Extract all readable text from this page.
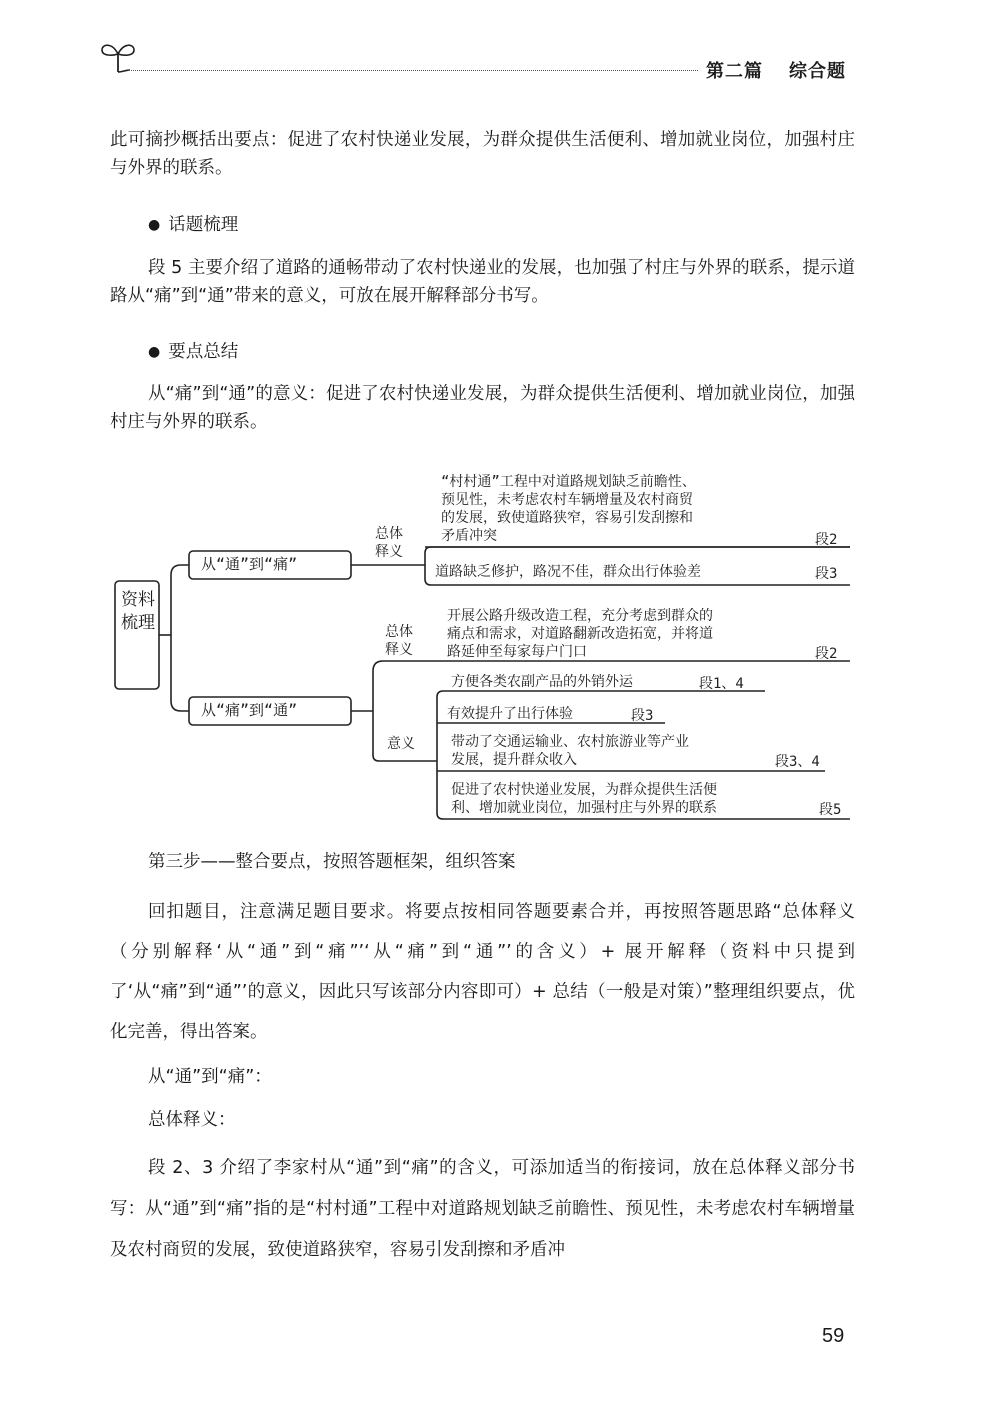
第二篇 综合题
此可摘抄概括出要点：促进了农村快递业发展，为群众提供生活便利、增加就业岗位，加强村庄与外界的联系。
● 话题梳理
段 5 主要介绍了道路的通畅带动了农村快递业的发展，也加强了村庄与外界的联系，提示道路从“痛”到“通”带来的意义，可放在展开解释部分书写。
● 要点总结
从“痛”到“通”的意义：促进了农村快递业发展，为群众提供生活便利、增加就业岗位，加强村庄与外界的联系。
资料梳理
从“通”到“痛”
总体
释义
“村村通”工程中对道路规划缺乏前瞻性、
预见性，未考虑农村车辆增量及农村商贸
的发展，致使道路狭窄，容易引发刮擦和
矛盾冲突	段2
道路缺乏修护，路况不佳，群众出行体验差	段3
从“痛”到“通”
总体
释义
开展公路升级改造工程，充分考虑到群众的
痛点和需求，对道路翻新改造拓宽，并将道
路延伸至每家每户门口	段2
意义
方便各类农副产品的外销外运	段1、4
有效提升了出行体验	段3
带动了交通运输业、农村旅游业等产业
发展，提升群众收入	段3、4
促进了农村快递业发展，为群众提供生活便
利、增加就业岗位，加强村庄与外界的联系	段5
第三步——整合要点，按照答题框架，组织答案
回扣题目，注意满足题目要求。将要点按相同答题要素合并，再按照答题思路“总体释义（分别解释‘从“通”到“痛”’‘从“痛”到“通”’的含义）+ 展开解释（资料中只提到了‘从“痛”到“通”’的意义，因此只写该部分内容即可）+ 总结（一般是对策）”整理组织要点，优化完善，得出答案。
从“通”到“痛”：
总体释义：
段 2、3 介绍了李家村从“通”到“痛”的含义，可添加适当的衔接词，放在总体释义部分书写：从“通”到“痛”指的是“村村通”工程中对道路规划缺乏前瞻性、预见性，未考虑农村车辆增量及农村商贸的发展，致使道路狭窄，容易引发刮擦和矛盾冲
59
